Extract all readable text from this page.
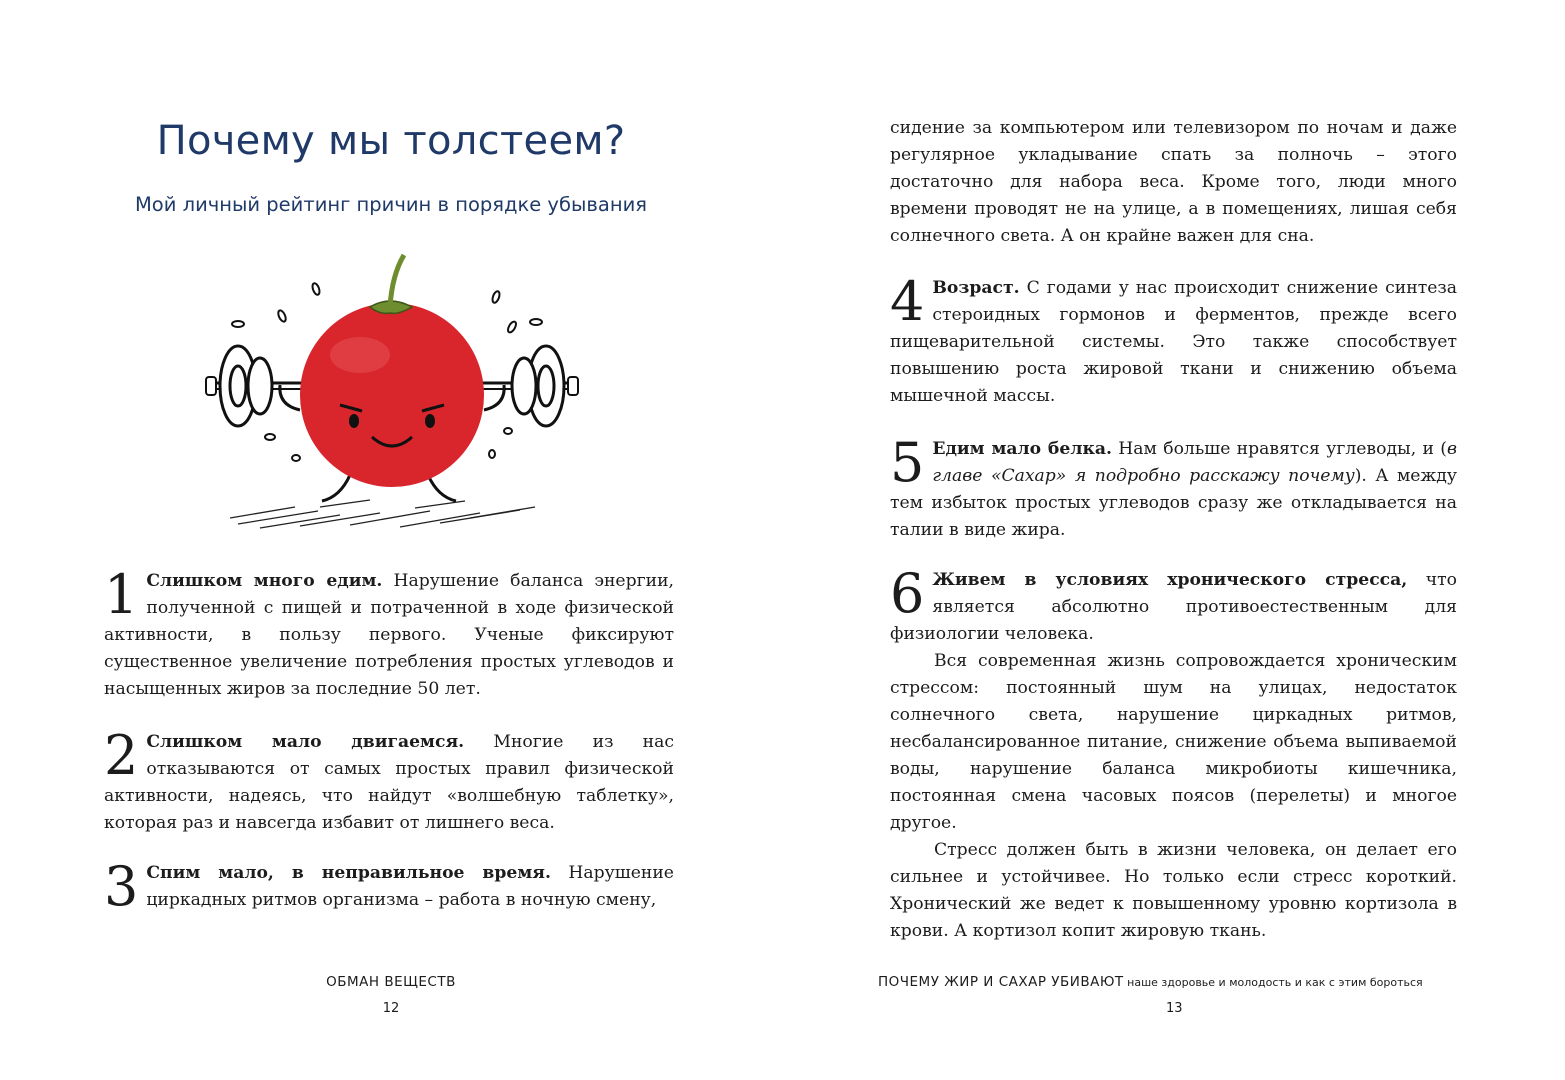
Почему мы толстеем?
Мой личный рейтинг причин в порядке убывания
1 Слишком много едим. Нарушение баланса энергии, полученной с пищей и потраченной в ходе физической активности, в пользу первого. Ученые фиксируют существенное увеличение потребления простых углеводов и насыщенных жиров за последние 50 лет.
2 Слишком мало двигаемся. Многие из нас отказываются от самых простых правил физической активности, надеясь, что найдут «волшебную таблетку», которая раз и навсегда избавит от лишнего веса.
3 Спим мало, в неправильное время. Нарушение циркадных ритмов организма – работа в ночную смену,
ОБМАН ВЕЩЕСТВ
12
сидение за компьютером или телевизором по ночам и даже регулярное укладывание спать за полночь – этого достаточно для набора веса. Кроме того, люди много времени проводят не на улице, а в помещениях, лишая себя солнечного света. А он крайне важен для сна.
4 Возраст. С годами у нас происходит снижение синтеза стероидных гормонов и ферментов, прежде всего пищеварительной системы. Это также способствует повышению роста жировой ткани и снижению объема мышечной массы.
5 Едим мало белка. Нам больше нравятся углеводы, и (в главе «Сахар» я подробно расскажу почему). А между тем избыток простых углеводов сразу же откладывается на талии в виде жира.

6 Живем в условиях хронического стресса, что является абсолютно противоестественным для физиологии человека.

Вся современная жизнь сопровождается хроническим стрессом: постоянный шум на улицах, недостаток солнечного света, нарушение циркадных ритмов, несбалансированное питание, снижение объема выпиваемой воды, нарушение баланса микробиоты кишечника, постоянная смена часовых поясов (перелеты) и многое другое.

Стресс должен быть в жизни человека, он делает его сильнее и устойчивее. Но только если стресс короткий. Хронический же ведет к повышенному уровню кортизола в крови. А кортизол копит жировую ткань.

ПОЧЕМУ ЖИР И САХАР УБИВАЮТ наше здоровье и молодость и как с этим бороться
13
